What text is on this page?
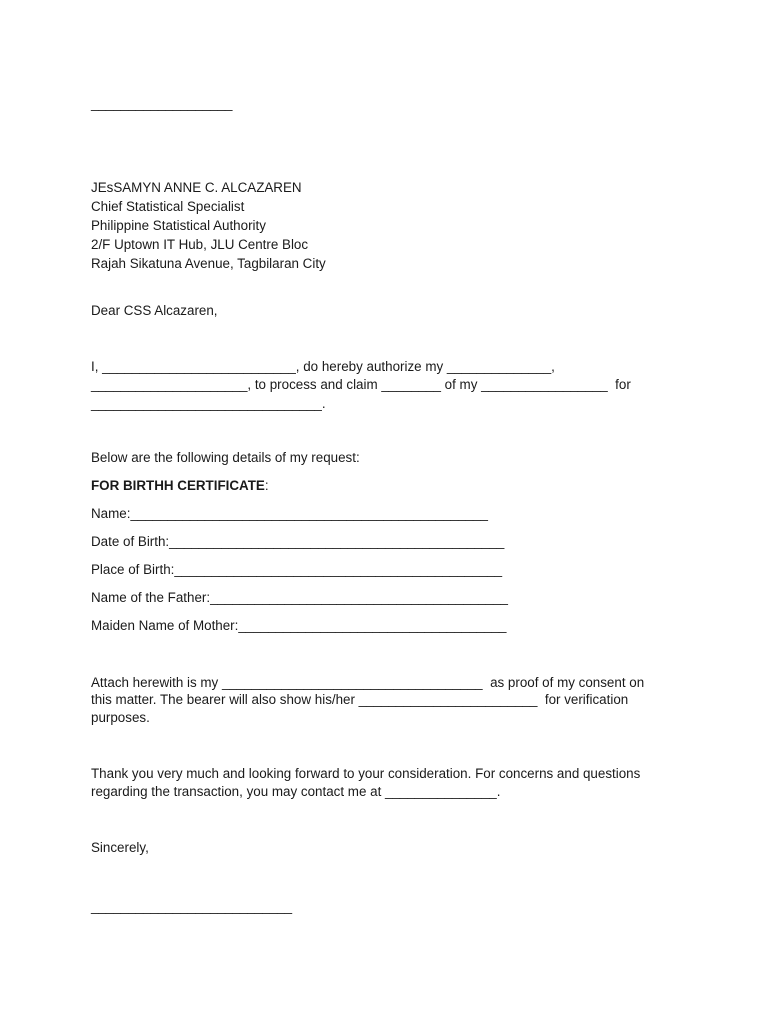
___________________
JEsSAMYN ANNE C. ALCAZAREN
Chief Statistical Specialist
Philippine Statistical Authority
2/F Uptown IT Hub, JLU Centre Bloc
Rajah Sikatuna Avenue, Tagbilaran City
Dear CSS Alcazaren,
I, __________________________, do hereby authorize my ______________,
_____________________, to process and claim ________ of my _________________  for
_______________________________.
Below are the following details of my request:
FOR BIRTHH CERTIFICATE:
Name:________________________________________________
Date of Birth:_____________________________________________
Place of Birth:____________________________________________
Name of the Father:________________________________________
Maiden Name of Mother:____________________________________
Attach herewith is my ___________________________________  as proof of my consent on
this matter. The bearer will also show his/her ________________________  for verification
purposes.
Thank you very much and looking forward to your consideration. For concerns and questions
regarding the transaction, you may contact me at _______________.
Sincerely,
___________________________
